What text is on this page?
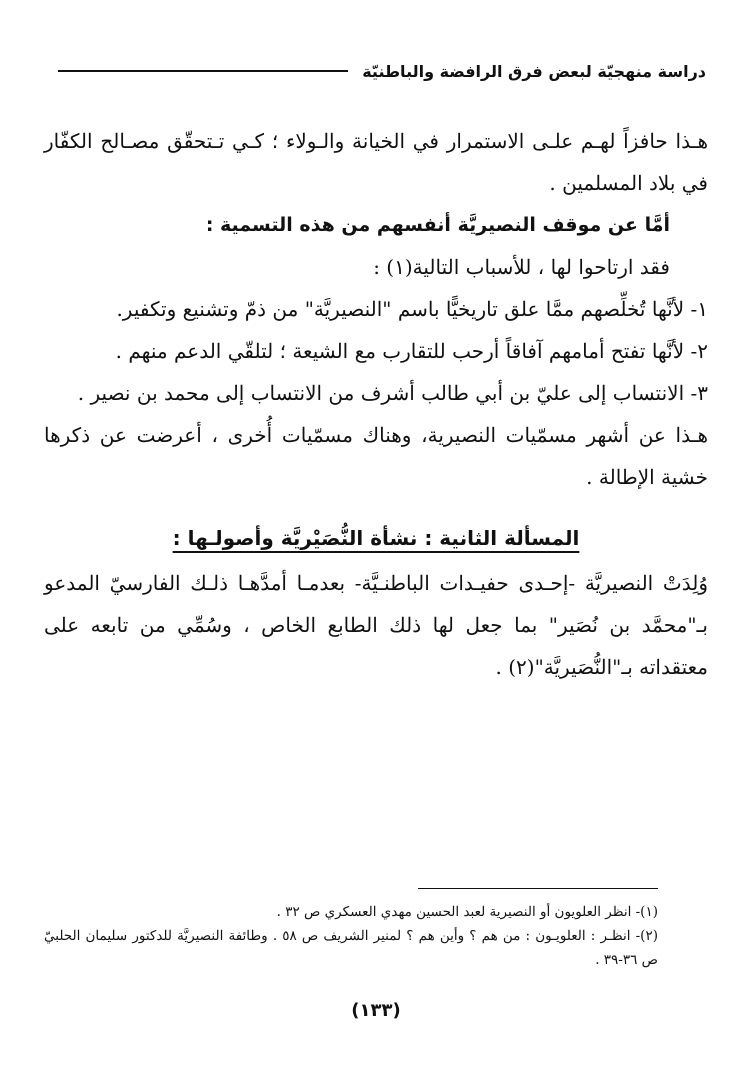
دراسة منهجيّة لبعض فرق الرافضة والباطنيّة

هـذا حافزاً لهـم علـى الاستمرار في الخيانة والـولاء ؛ كـي تـتحقّق مصـالح الكفّار في بلاد المسلمين .

أمَّا عن موقف النصيريَّة أنفسهم من هذه التسمية :

فقد ارتاحوا لها ، للأسباب التالية(١) :

١- لأنَّها تُخلِّصهم ممَّا علق تاريخيًّا باسم "النصيريَّة" من ذمّ وتشنيع وتكفير.

٢- لأنَّها تفتح أمامهم آفاقاً أرحب للتقارب مع الشيعة ؛ لتلقّي الدعم منهم .

٣- الانتساب إلى عليّ بن أبي طالب أشرف من الانتساب إلى محمد بن نصير .

هـذا عن أشهر مسمّيات النصيرية، وهناك مسمّيات أُخرى ، أعرضت عن ذكرها خشية الإطالة .

المسألة الثانية : نشأة النُّصَيْريَّة وأصولـها :

وُلِدَتْ النصيريَّة -إحـدى حفيـدات الباطنـيَّة- بعدمـا أمدَّهـا ذلـك الفارسيّ المدعو بـ"محمَّد بن نُصَير" بما جعل لها ذلك الطابع الخاص ، وسُمِّي من تابعه على معتقداته بـ"النُّصَيريَّة"(٢) .

(١)- انظر العلويون أو النصيرية لعبد الحسين مهدي العسكري ص ٣٢ .

(٢)- انظـر : العلويـون : من هم ؟ وأين هم ؟ لمنير الشريف ص ٥٨ . وطائفة النصيريَّة للدكتور سليمان الحلبيّ ص ٣٦-٣٩ .

(١٣٣)
